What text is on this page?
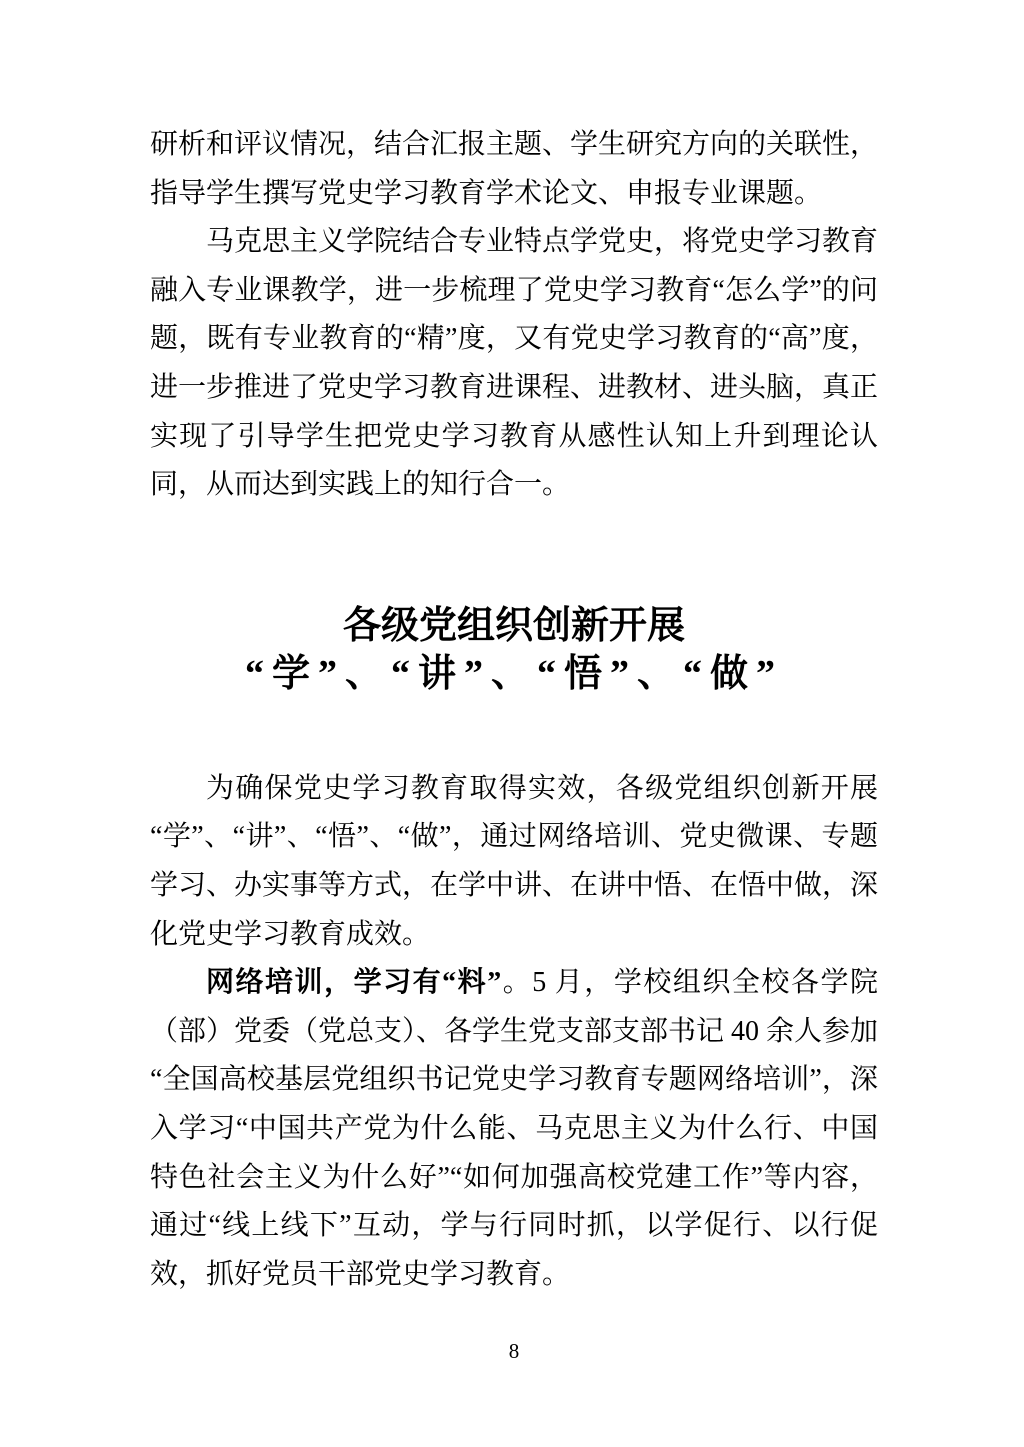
研析和评议情况，结合汇报主题、学生研究方向的关联性，指导学生撰写党史学习教育学术论文、申报专业课题。

马克思主义学院结合专业特点学党史，将党史学习教育融入专业课教学，进一步梳理了党史学习教育“怎么学”的问题，既有专业教育的“精”度，又有党史学习教育的“高”度，进一步推进了党史学习教育进课程、进教材、进头脑，真正实现了引导学生把党史学习教育从感性认知上升到理论认同，从而达到实践上的知行合一。

各级党组织创新开展
“学”、“讲”、“悟”、“做”

为确保党史学习教育取得实效，各级党组织创新开展“学”、“讲”、“悟”、“做”，通过网络培训、党史微课、专题学习、办实事等方式，在学中讲、在讲中悟、在悟中做，深化党史学习教育成效。

网络培训，学习有“料”。5 月，学校组织全校各学院（部）党委（党总支）、各学生党支部支部书记 40 余人参加“全国高校基层党组织书记党史学习教育专题网络培训”，深入学习“中国共产党为什么能、马克思主义为什么行、中国特色社会主义为什么好”“如何加强高校党建工作”等内容，通过“线上线下”互动，学与行同时抓，以学促行、以行促效，抓好党员干部党史学习教育。

8
